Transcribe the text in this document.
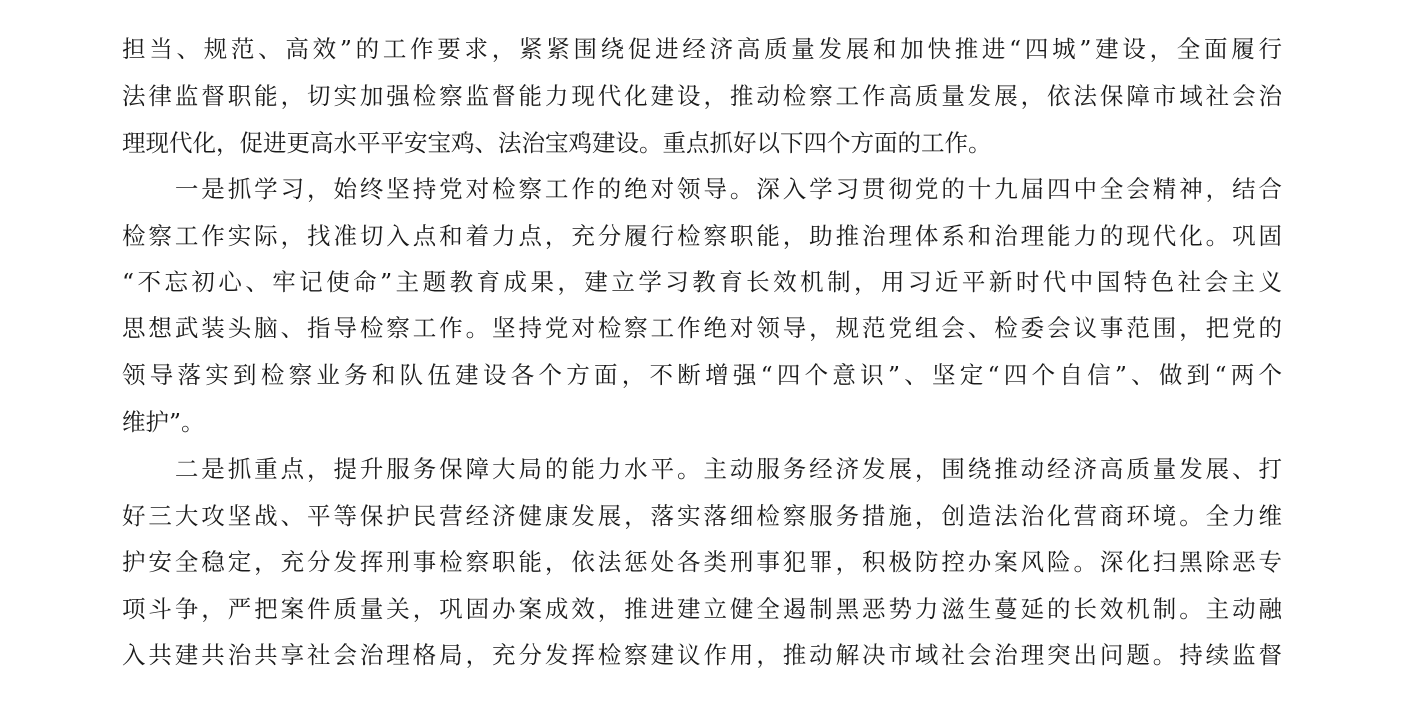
担当、规范、高效”的工作要求，紧紧围绕促进经济高质量发展和加快推进“四城”建设，全面履行
法律监督职能，切实加强检察监督能力现代化建设，推动检察工作高质量发展，依法保障市域社会治
理现代化，促进更高水平平安宝鸡、法治宝鸡建设。重点抓好以下四个方面的工作。
　　一是抓学习，始终坚持党对检察工作的绝对领导。深入学习贯彻党的十九届四中全会精神，结合
检察工作实际，找准切入点和着力点，充分履行检察职能，助推治理体系和治理能力的现代化。巩固
“不忘初心、牢记使命”主题教育成果，建立学习教育长效机制，用习近平新时代中国特色社会主义
思想武装头脑、指导检察工作。坚持党对检察工作绝对领导，规范党组会、检委会议事范围，把党的
领导落实到检察业务和队伍建设各个方面，不断增强“四个意识”、坚定“四个自信”、做到“两个
维护”。
　　二是抓重点，提升服务保障大局的能力水平。主动服务经济发展，围绕推动经济高质量发展、打
好三大攻坚战、平等保护民营经济健康发展，落实落细检察服务措施，创造法治化营商环境。全力维
护安全稳定，充分发挥刑事检察职能，依法惩处各类刑事犯罪，积极防控办案风险。深化扫黑除恶专
项斗争，严把案件质量关，巩固办案成效，推进建立健全遏制黑恶势力滋生蔓延的长效机制。主动融
入共建共治共享社会治理格局，充分发挥检察建议作用，推动解决市域社会治理突出问题。持续监督
